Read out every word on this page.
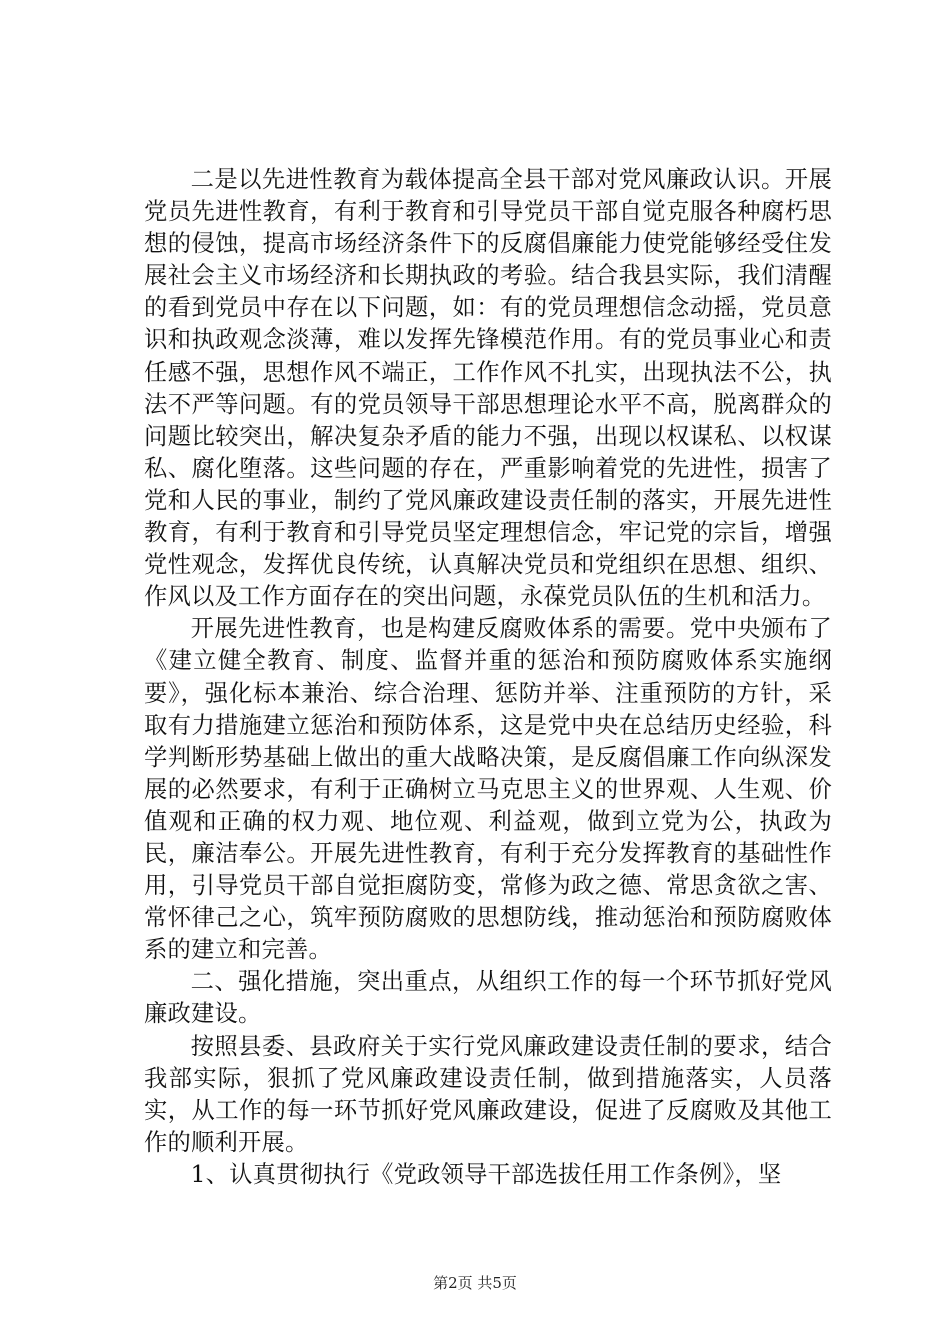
二是以先进性教育为载体提高全县干部对党风廉政认识。开展党员先进性教育，有利于教育和引导党员干部自觉克服各种腐朽思想的侵蚀，提高市场经济条件下的反腐倡廉能力使党能够经受住发展社会主义市场经济和长期执政的考验。结合我县实际，我们清醒的看到党员中存在以下问题，如：有的党员理想信念动摇，党员意识和执政观念淡薄，难以发挥先锋模范作用。有的党员事业心和责任感不强，思想作风不端正，工作作风不扎实，出现执法不公，执法不严等问题。有的党员领导干部思想理论水平不高，脱离群众的问题比较突出，解决复杂矛盾的能力不强，出现以权谋私、以权谋私、腐化堕落。这些问题的存在，严重影响着党的先进性，损害了党和人民的事业，制约了党风廉政建设责任制的落实，开展先进性教育，有利于教育和引导党员坚定理想信念，牢记党的宗旨，增强党性观念，发挥优良传统，认真解决党员和党组织在思想、组织、作风以及工作方面存在的突出问题，永葆党员队伍的生机和活力。

开展先进性教育，也是构建反腐败体系的需要。党中央颁布了《建立健全教育、制度、监督并重的惩治和预防腐败体系实施纲要》，强化标本兼治、综合治理、惩防并举、注重预防的方针，采取有力措施建立惩治和预防体系，这是党中央在总结历史经验，科学判断形势基础上做出的重大战略决策，是反腐倡廉工作向纵深发展的必然要求，有利于正确树立马克思主义的世界观、人生观、价值观和正确的权力观、地位观、利益观，做到立党为公，执政为民，廉洁奉公。开展先进性教育，有利于充分发挥教育的基础性作用，引导党员干部自觉拒腐防变，常修为政之德、常思贪欲之害、常怀律己之心，筑牢预防腐败的思想防线，推动惩治和预防腐败体系的建立和完善。

二、强化措施，突出重点，从组织工作的每一个环节抓好党风廉政建设。

按照县委、县政府关于实行党风廉政建设责任制的要求，结合我部实际，狠抓了党风廉政建设责任制，做到措施落实，人员落实，从工作的每一环节抓好党风廉政建设，促进了反腐败及其他工作的顺利开展。

1、认真贯彻执行《党政领导干部选拔任用工作条例》，坚

第2页 共5页
